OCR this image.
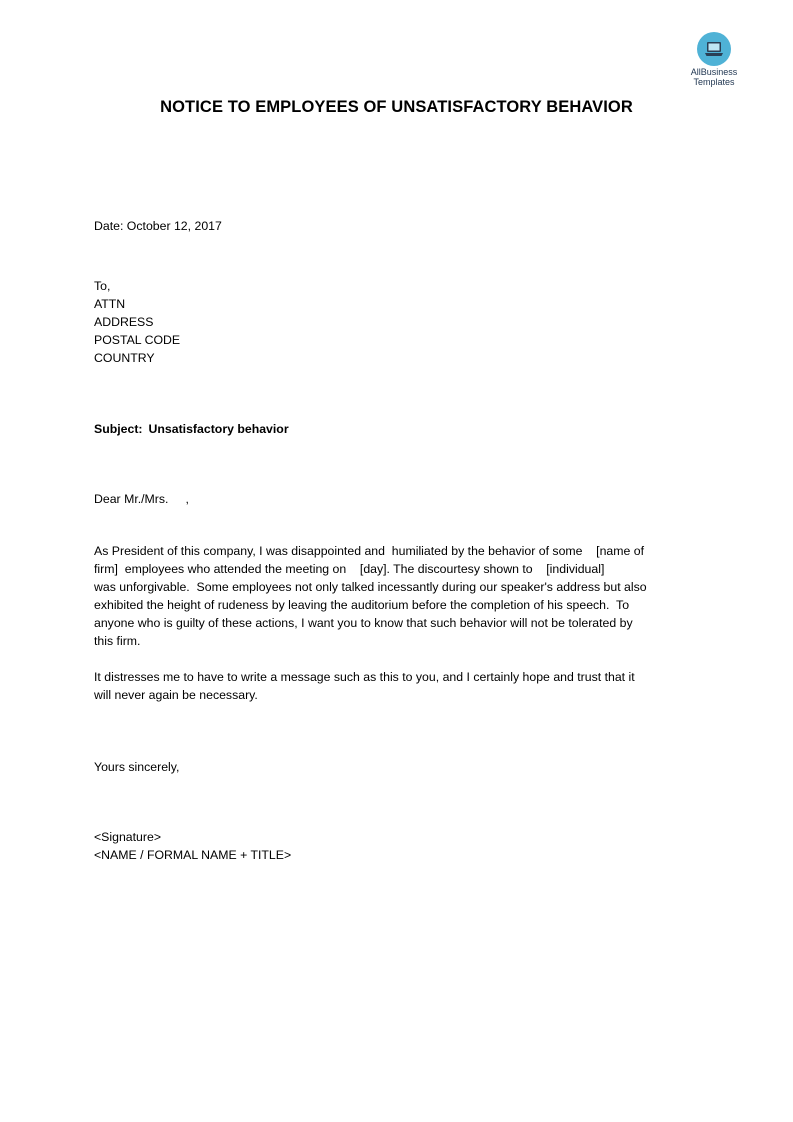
AllBusiness
Templates
NOTICE TO EMPLOYEES OF UNSATISFACTORY BEHAVIOR
Date: October 12, 2017
To,
ATTN
ADDRESS
POSTAL CODE
COUNTRY
Subject: Unsatisfactory behavior
Dear Mr./Mrs.     ,
As President of this company, I was disappointed and  humiliated by the behavior of some    [name of
firm]  employees who attended the meeting on    [day]. The discourtesy shown to    [individual]
was unforgivable.  Some employees not only talked incessantly during our speaker's address but also
exhibited the height of rudeness by leaving the auditorium before the completion of his speech.  To
anyone who is guilty of these actions, I want you to know that such behavior will not be tolerated by
this firm.
It distresses me to have to write a message such as this to you, and I certainly hope and trust that it
will never again be necessary.
Yours sincerely,
<Signature>
<NAME / FORMAL NAME + TITLE>
